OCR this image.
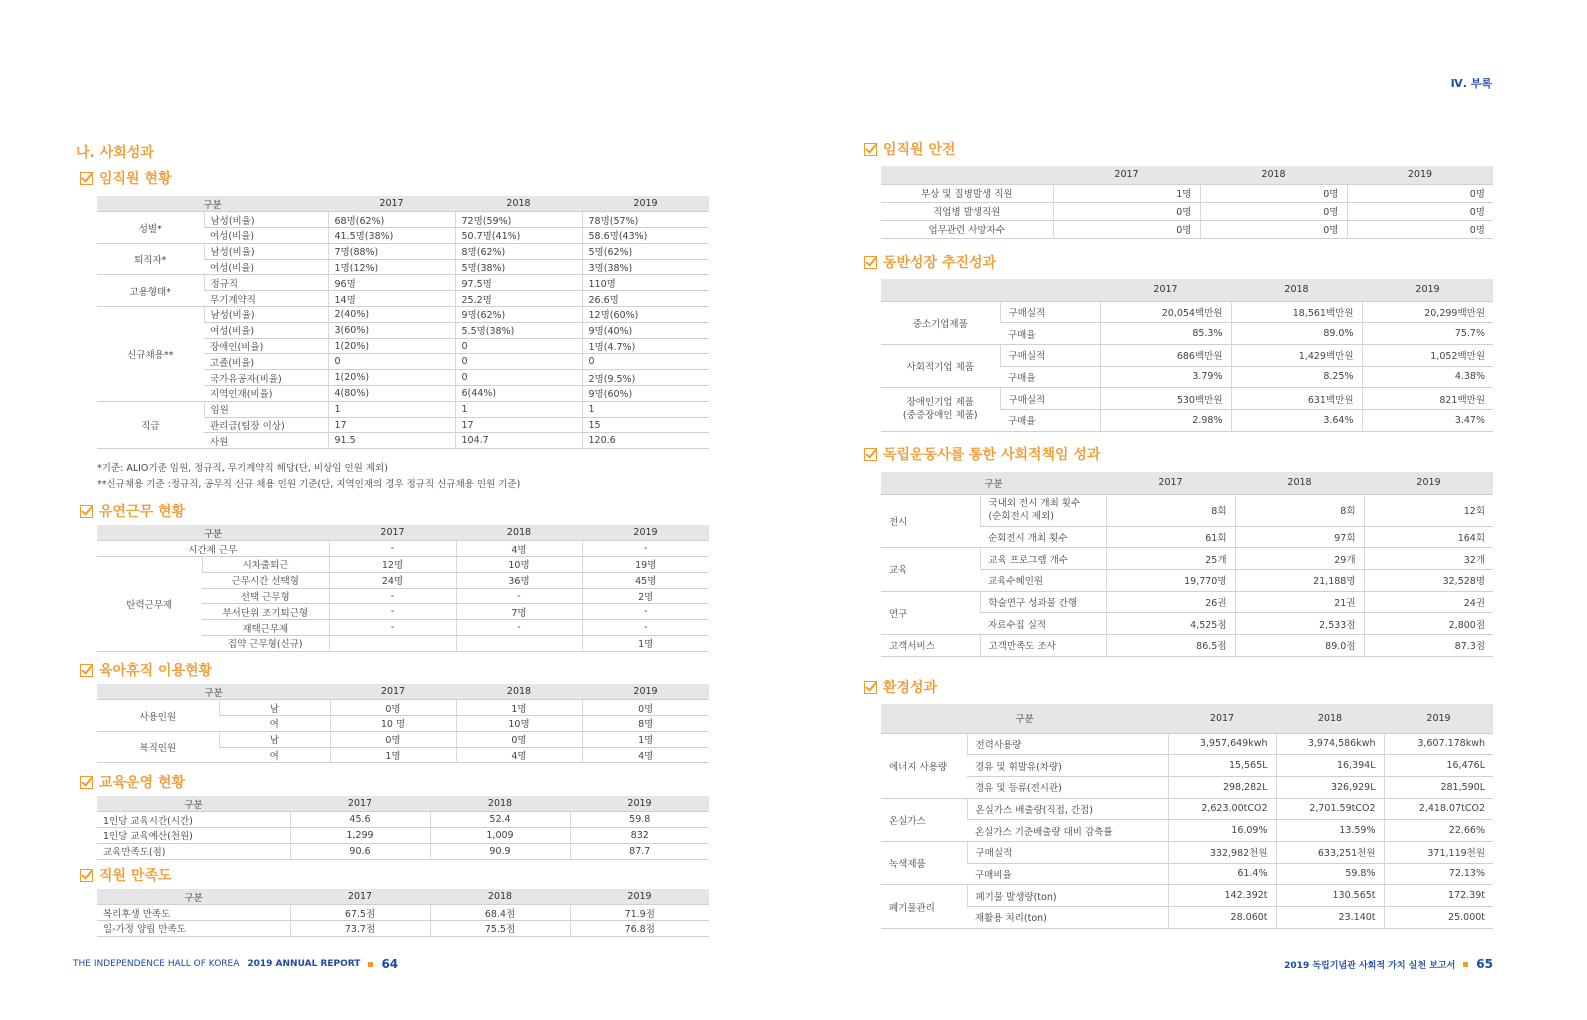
나. 사회성과
임직원 현황
구분		2017	2018	2019
성별*	남성(비율)	68명(62%)	72명(59%)	78명(57%)
	여성(비율)	41.5명(38%)	50.7명(41%)	58.6명(43%)
퇴직자*	남성(비율)	7명(88%)	8명(62%)	5명(62%)
	여성(비율)	1명(12%)	5명(38%)	3명(38%)
고용형태*	정규직	96명	97.5명	110명
	무기계약직	14명	25.2명	26.6명
신규채용**	남성(비율)	2(40%)	9명(62%)	12명(60%)
	여성(비율)	3(60%)	5.5명(38%)	9명(40%)
	장애인(비율)	1(20%)	0	1명(4.7%)
	고졸(비율)	0	0	0
	국가유공자(비율)	1(20%)	0	2명(9.5%)
	지역인재(비율)	4(80%)	6(44%)	9명(60%)
직급	임원	1	1	1
	관리급(팀장 이상)	17	17	15
	사원	91.5	104.7	120.6
*기준: ALIO기준 임원, 정규직, 무기계약직 해당(단, 비상임 인원 제외)
**신규채용 기준 :정규직, 공무직 신규 채용 인원 기준(단, 지역인재의 경우 정규직 신규채용 인원 기준)
유연근무 현황
구분		2017	2018	2019
시간제 근무		-	4명	-
탄력근무제	시차출퇴근	12명	10명	19명
	근무시간 선택형	24명	36명	45명
	선택 근무형	-	-	2명
	부서단위 조기퇴근형	-	7명	-
	재택근무제	-	-	-
	집약 근무형(신규)			1명
육아휴직 이용현황
구분		2017	2018	2019
사용인원	남	0명	1명	0명
	여	10 명	10명	8명
복직인원	남	0명	0명	1명
	여	1명	4명	4명
교육운영 현황
구분	2017	2018	2019
1인당 교육시간(시간)	45.6	52.4	59.8
1인당 교육예산(천원)	1,299	1,009	832
교육만족도(점)	90.6	90.9	87.7
직원 만족도
구분	2017	2018	2019
복리후생 만족도	67.5점	68.4점	71.9점
일-가정 양립 만족도	73.7점	75.5점	76.8점
THE INDEPENDENCE HALL OF KOREA 2019 ANNUAL REPORT 64
Ⅳ. 부록
임직원 안전
	2017	2018	2019
부상 및 질병발생 직원	1명	0명	0명
직업병 발생직원	0명	0명	0명
업무관련 사망자수	0명	0명	0명
동반성장 추진성과
		2017	2018	2019
중소기업제품	구매실적	20,054백만원	18,561백만원	20,299백만원
	구매율	85.3%	89.0%	75.7%
사회적기업 제품	구매실적	686백만원	1,429백만원	1,052백만원
	구매율	3.79%	8.25%	4.38%
장애인기업 제품
(중증장애인 제품)	구매실적	530백만원	631백만원	821백만원
	구매율	2.98%	3.64%	3.47%
독립운동사를 통한 사회적책임 성과
구분		2017	2018	2019
전시	국내외 전시 개최 횟수
(순회전시 제외)	8회	8회	12회
	순회전시 개최 횟수	61회	97회	164회
교육	교육 프로그램 개수	25개	29개	32개
	교육수혜인원	19,770명	21,188명	32,528명
연구	학술연구 성과물 간행	26권	21권	24권
	자료수집 실적	4,525점	2,533점	2,800점
고객서비스	고객만족도 조사	86.5점	89.0점	87.3점
환경성과
구분		2017	2018	2019
에너지 사용량	전력사용량	3,957,649kwh	3,974,586kwh	3,607.178kwh
	경유 및 휘발유(차량)	15,565L	16,394L	16,476L
	경유 및 등류(전시관)	298,282L	326,929L	281,590L
온실가스	온실가스 배출량(직접, 간접)	2,623.00tCO2	2,701.59tCO2	2,418.07tCO2
	온실가스 기준배출량 대비 감축률	16.09%	13.59%	22.66%
녹색제품	구매실적	332,982천원	633,251천원	371,119천원
	구매비율	61.4%	59.8%	72.13%
폐기물관리	폐기물 발생량(ton)	142.392t	130.565t	172.39t
	재활용 처리(ton)	28.060t	23.140t	25.000t
2019 독립기념관 사회적 가치 실천 보고서 65
